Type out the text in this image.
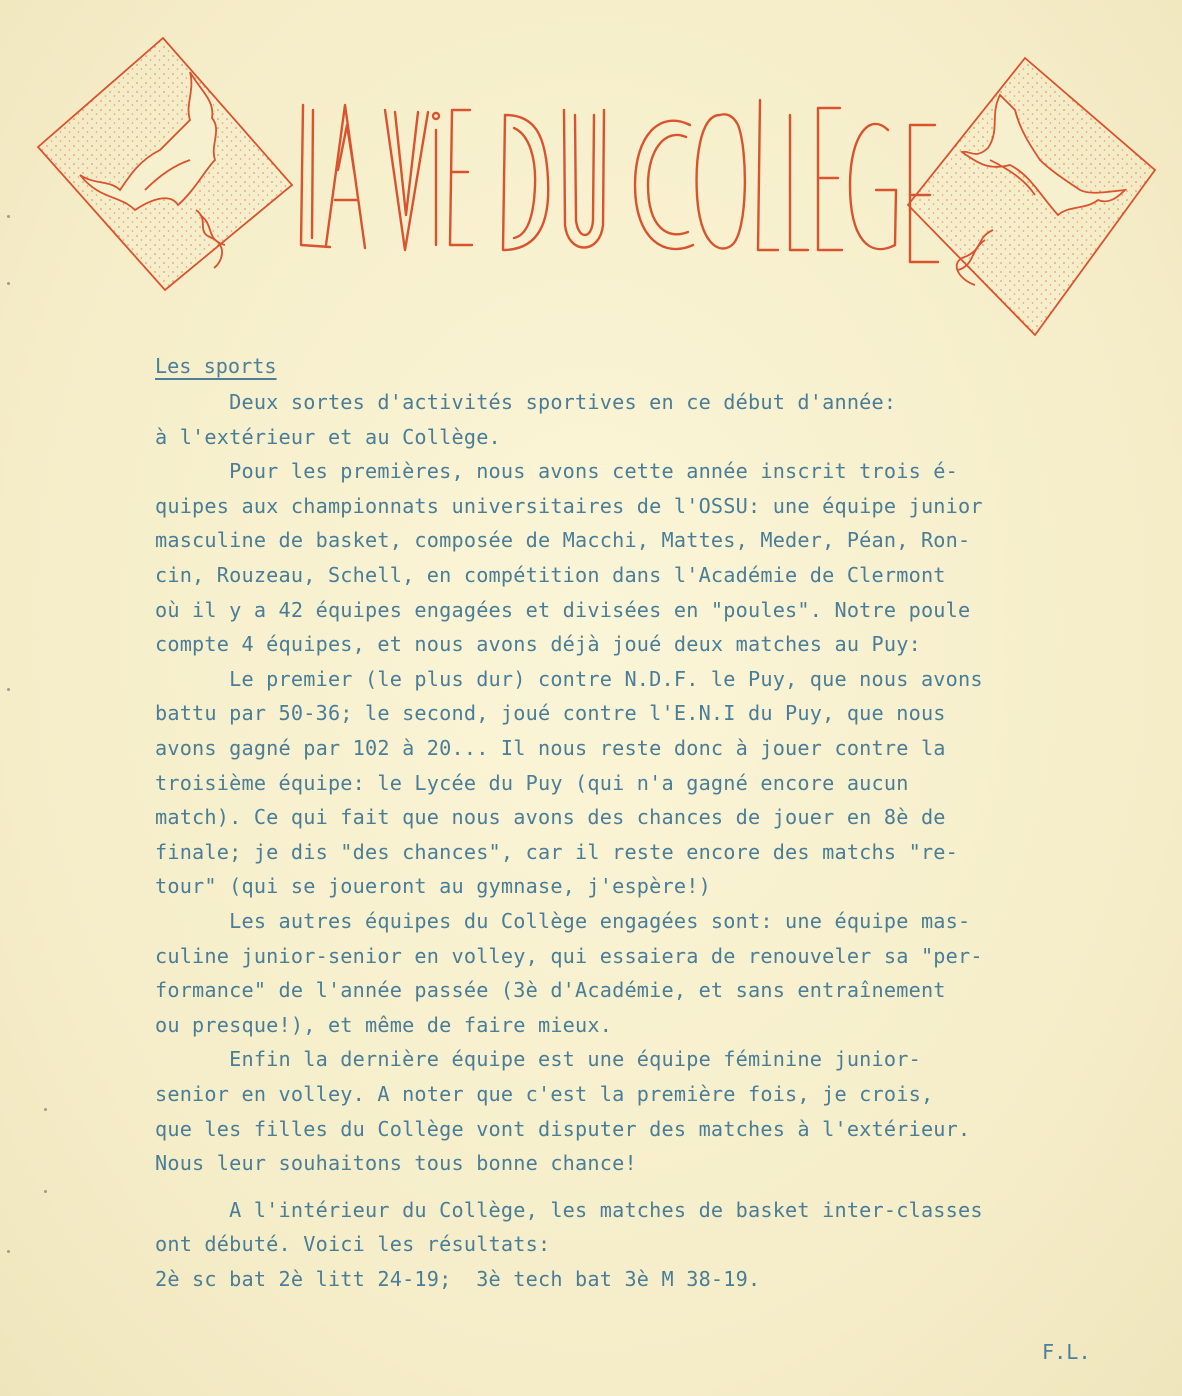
Les sports
Deux sortes d'activités sportives en ce début d'année:
à l'extérieur et au Collège.
Pour les premières, nous avons cette année inscrit trois é-
quipes aux championnats universitaires de l'OSSU: une équipe junior
masculine de basket, composée de Macchi, Mattes, Meder, Péan, Ron-
cin, Rouzeau, Schell, en compétition dans l'Académie de Clermont
où il y a 42 équipes engagées et divisées en "poules". Notre poule
compte 4 équipes, et nous avons déjà joué deux matches au Puy:
Le premier (le plus dur) contre N.D.F. le Puy, que nous avons
battu par 50-36; le second, joué contre l'E.N.I du Puy, que nous
avons gagné par 102 à 20... Il nous reste donc à jouer contre la
troisième équipe: le Lycée du Puy (qui n'a gagné encore aucun
match). Ce qui fait que nous avons des chances de jouer en 8è de
finale; je dis "des chances", car il reste encore des matchs "re-
tour" (qui se joueront au gymnase, j'espère!)
Les autres équipes du Collège engagées sont: une équipe mas-
culine junior-senior en volley, qui essaiera de renouveler sa "per-
formance" de l'année passée (3è d'Académie, et sans entraînement
ou presque!), et même de faire mieux.
Enfin la dernière équipe est une équipe féminine junior-
senior en volley. A noter que c'est la première fois, je crois,
que les filles du Collège vont disputer des matches à l'extérieur.
Nous leur souhaitons tous bonne chance!
A l'intérieur du Collège, les matches de basket inter-classes
ont débuté. Voici les résultats:
2è sc bat 2è litt 24-19;  3è tech bat 3è M 38-19.
F.L.
